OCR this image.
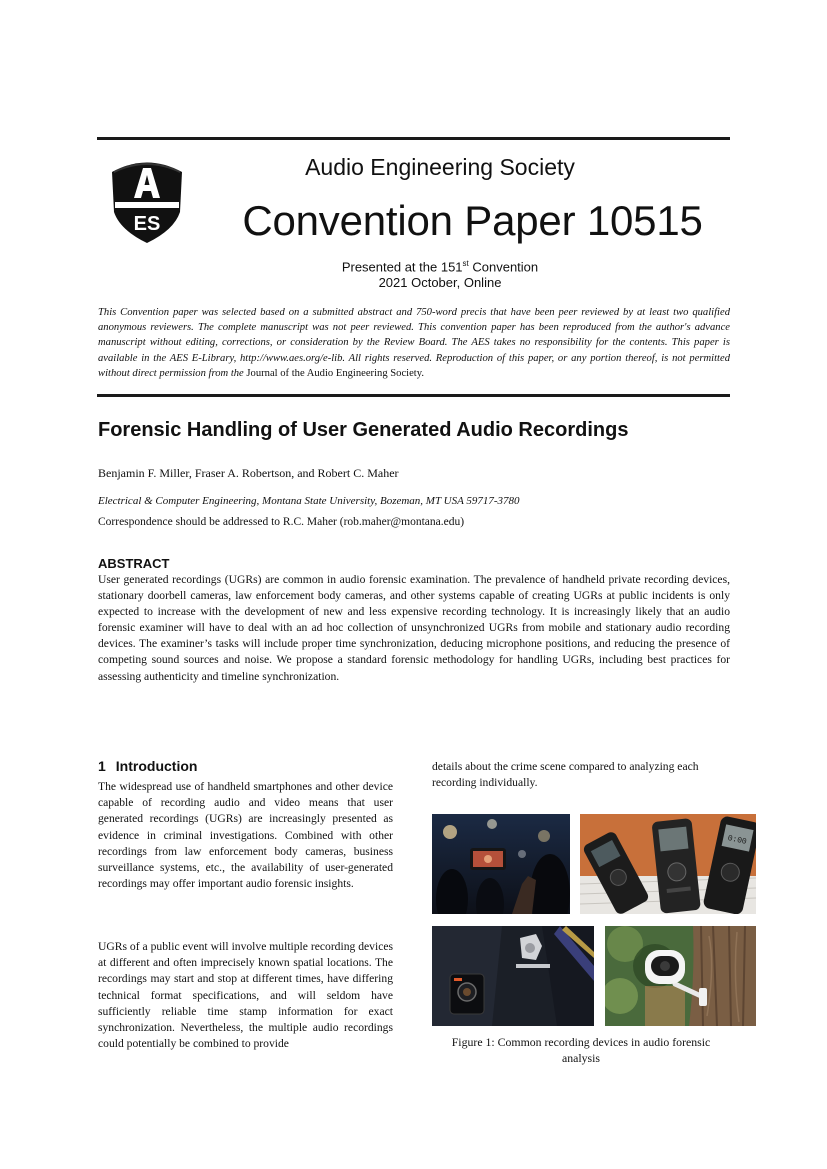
ES
Audio Engineering Society
Convention Paper 10515
Presented at the 151st Convention
2021 October, Online
This Convention paper was selected based on a submitted abstract and 750-word precis that have been peer reviewed by at least two qualified anonymous reviewers. The complete manuscript was not peer reviewed. This convention paper has been reproduced from the author's advance manuscript without editing, corrections, or consideration by the Review Board. The AES takes no responsibility for the contents. This paper is available in the AES E-Library, http://www.aes.org/e-lib. All rights reserved. Reproduction of this paper, or any portion thereof, is not permitted without direct permission from the Journal of the Audio Engineering Society.
Forensic Handling of User Generated Audio Recordings
Benjamin F. Miller, Fraser A. Robertson, and Robert C. Maher
Electrical & Computer Engineering, Montana State University, Bozeman, MT USA 59717-3780
Correspondence should be addressed to R.C. Maher (rob.maher@montana.edu)
ABSTRACT
User generated recordings (UGRs) are common in audio forensic examination. The prevalence of handheld private recording devices, stationary doorbell cameras, law enforcement body cameras, and other systems capable of creating UGRs at public incidents is only expected to increase with the development of new and less expensive recording technology. It is increasingly likely that an audio forensic examiner will have to deal with an ad hoc collection of unsynchronized UGRs from mobile and stationary audio recording devices. The examiner’s tasks will include proper time synchronization, deducing microphone positions, and reducing the presence of competing sound sources and noise. We propose a standard forensic methodology for handling UGRs, including best practices for assessing authenticity and timeline synchronization.
1 Introduction
The widespread use of handheld smartphones and other device capable of recording audio and video means that user generated recordings (UGRs) are increasingly presented as evidence in criminal investigations. Combined with other recordings from law enforcement body cameras, business surveillance systems, etc., the availability of user-generated recordings may offer important audio forensic insights.
UGRs of a public event will involve multiple recording devices at different and often imprecisely known spatial locations. The recordings may start and stop at different times, have differing technical format specifications, and will seldom have sufficiently reliable time stamp information for exact synchronization. Nevertheless, the multiple audio recordings could potentially be combined to provide
details about the crime scene compared to analyzing each recording individually.
0:00
Figure 1: Common recording devices in audio forensic analysis
